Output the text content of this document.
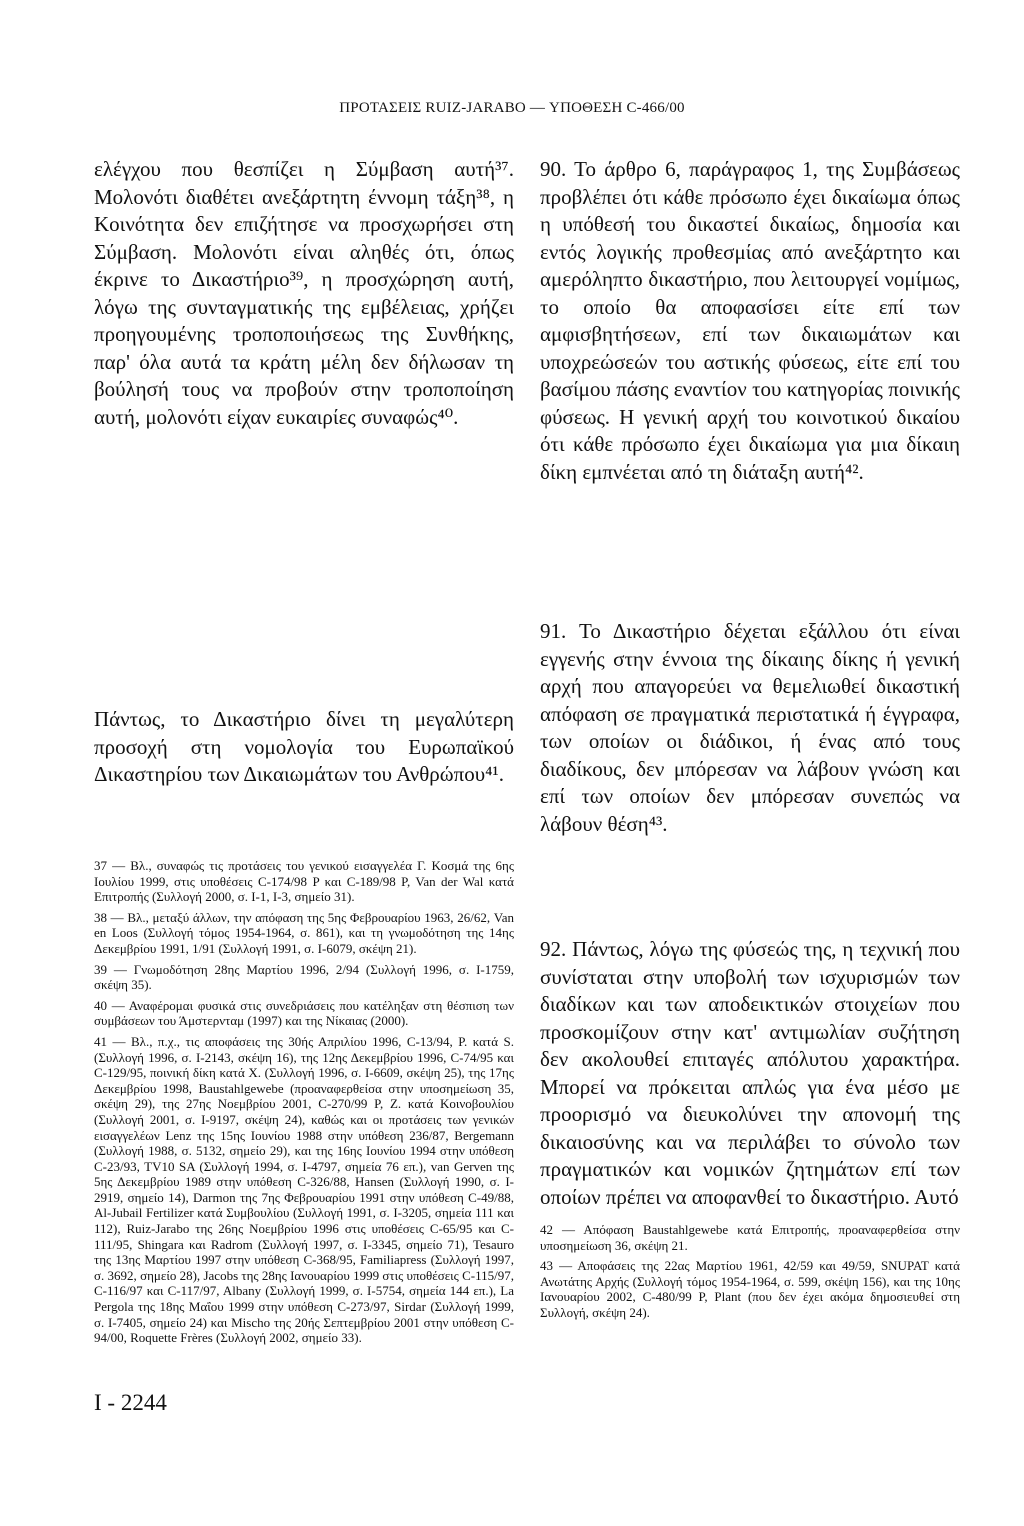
ΠΡΟΤΑΣΕΙΣ RUIZ-JARABO — ΥΠΟΘΕΣΗ C-466/00

ελέγχου που θεσπίζει η Σύμβαση αυτή³⁷. Μολονότι διαθέτει ανεξάρτητη έννομη τάξη³⁸, η Κοινότητα δεν επιζήτησε να προσχωρήσει στη Σύμβαση. Μολονότι είναι αληθές ότι, όπως έκρινε το Δικαστήριο³⁹, η προσχώρηση αυτή, λόγω της συνταγματικής της εμβέλειας, χρήζει προηγουμένης τροποποιήσεως της Συνθήκης, παρ' όλα αυτά τα κράτη μέλη δεν δήλωσαν τη βούλησή τους να προβούν στην τροποποίηση αυτή, μολονότι είχαν ευκαιρίες συναφώς⁴⁰.

Πάντως, το Δικαστήριο δίνει τη μεγαλύτερη προσοχή στη νομολογία του Ευρωπαϊκού Δικαστηρίου των Δικαιωμάτων του Ανθρώπου⁴¹.

37 — Βλ., συναφώς τις προτάσεις του γενικού εισαγγελέα Γ. Κοσμά της 6ης Ιουλίου 1999, στις υποθέσεις C-174/98 P και C-189/98 P, Van der Wal κατά Επιτροπής (Συλλογή 2000, σ. I-1, I-3, σημείο 31).

38 — Βλ., μεταξύ άλλων, την απόφαση της 5ης Φεβρουαρίου 1963, 26/62, Van en Loos (Συλλογή τόμος 1954-1964, σ. 861), και τη γνωμοδότηση της 14ης Δεκεμβρίου 1991, 1/91 (Συλλογή 1991, σ. I-6079, σκέψη 21).

39 — Γνωμοδότηση 28ης Μαρτίου 1996, 2/94 (Συλλογή 1996, σ. I-1759, σκέψη 35).

40 — Αναφέρομαι φυσικά στις συνεδριάσεις που κατέληξαν στη θέσπιση των συμβάσεων του Άμστερνταμ (1997) και της Νίκαιας (2000).

41 — Βλ., π.χ., τις αποφάσεις της 30ής Απριλίου 1996, C-13/94, P. κατά S. (Συλλογή 1996, σ. I-2143, σκέψη 16), της 12ης Δεκεμβρίου 1996, C-74/95 και C-129/95, ποινική δίκη κατά X. (Συλλογή 1996, σ. I-6609, σκέψη 25), της 17ης Δεκεμβρίου 1998, Baustahlgewebe (προαναφερθείσα στην υποσημείωση 35, σκέψη 29), της 27ης Νοεμβρίου 2001, C-270/99 P, Z. κατά Κοινοβουλίου (Συλλογή 2001, σ. I-9197, σκέψη 24), καθώς και οι προτάσεις των γενικών εισαγγελέων Lenz της 15ης Ιουνίου 1988 στην υπόθεση 236/87, Bergemann (Συλλογή 1988, σ. 5132, σημείο 29), και της 16ης Ιουνίου 1994 στην υπόθεση C-23/93, TV10 SA (Συλλογή 1994, σ. I-4797, σημεία 76 επ.), van Gerven της 5ης Δεκεμβρίου 1989 στην υπόθεση C-326/88, Hansen (Συλλογή 1990, σ. I-2919, σημείο 14), Darmon της 7ης Φεβρουαρίου 1991 στην υπόθεση C-49/88, Al-Jubail Fertilizer κατά Συμβουλίου (Συλλογή 1991, σ. I-3205, σημεία 111 και 112), Ruiz-Jarabo της 26ης Νοεμβρίου 1996 στις υποθέσεις C-65/95 και C-111/95, Shingara και Radrom (Συλλογή 1997, σ. I-3345, σημείο 71), Tesauro της 13ης Μαρτίου 1997 στην υπόθεση C-368/95, Familiapress (Συλλογή 1997, σ. 3692, σημείο 28), Jacobs της 28ης Ιανουαρίου 1999 στις υποθέσεις C-115/97, C-116/97 και C-117/97, Albany (Συλλογή 1999, σ. I-5754, σημεία 144 επ.), La Pergola της 18ης Μαΐου 1999 στην υπόθεση C-273/97, Sirdar (Συλλογή 1999, σ. I-7405, σημείο 24) και Mischo της 20ής Σεπτεμβρίου 2001 στην υπόθεση C-94/00, Roquette Frères (Συλλογή 2002, σημείο 33).

I - 2244

90. Το άρθρο 6, παράγραφος 1, της Συμβάσεως προβλέπει ότι κάθε πρόσωπο έχει δικαίωμα όπως η υπόθεσή του δικαστεί δικαίως, δημοσία και εντός λογικής προθεσμίας από ανεξάρτητο και αμερόληπτο δικαστήριο, που λειτουργεί νομίμως, το οποίο θα αποφασίσει είτε επί των αμφισβητήσεων, επί των δικαιωμάτων και υποχρεώσεών του αστικής φύσεως, είτε επί του βασίμου πάσης εναντίον του κατηγορίας ποινικής φύσεως. Η γενική αρχή του κοινοτικού δικαίου ότι κάθε πρόσωπο έχει δικαίωμα για μια δίκαιη δίκη εμπνέεται από τη διάταξη αυτή⁴².

91. Το Δικαστήριο δέχεται εξάλλου ότι είναι εγγενής στην έννοια της δίκαιης δίκης ή γενική αρχή που απαγορεύει να θεμελιωθεί δικαστική απόφαση σε πραγματικά περιστατικά ή έγγραφα, των οποίων οι διάδικοι, ή ένας από τους διαδίκους, δεν μπόρεσαν να λάβουν γνώση και επί των οποίων δεν μπόρεσαν συνεπώς να λάβουν θέση⁴³.

92. Πάντως, λόγω της φύσεώς της, η τεχνική που συνίσταται στην υποβολή των ισχυρισμών των διαδίκων και των αποδεικτικών στοιχείων που προσκομίζουν στην κατ' αντιμωλίαν συζήτηση δεν ακολουθεί επιταγές απόλυτου χαρακτήρα. Μπορεί να πρόκειται απλώς για ένα μέσο με προορισμό να διευκολύνει την απονομή της δικαιοσύνης και να περιλάβει το σύνολο των πραγματικών και νομικών ζητημάτων επί των οποίων πρέπει να αποφανθεί το δικαστήριο. Αυτό

42 — Απόφαση Baustahlgewebe κατά Επιτροπής, προαναφερθείσα στην υποσημείωση 36, σκέψη 21.

43 — Αποφάσεις της 22ας Μαρτίου 1961, 42/59 και 49/59, SNUPAT κατά Ανωτάτης Αρχής (Συλλογή τόμος 1954-1964, σ. 599, σκέψη 156), και της 10ης Ιανουαρίου 2002, C-480/99 P, Plant (που δεν έχει ακόμα δημοσιευθεί στη Συλλογή, σκέψη 24).
